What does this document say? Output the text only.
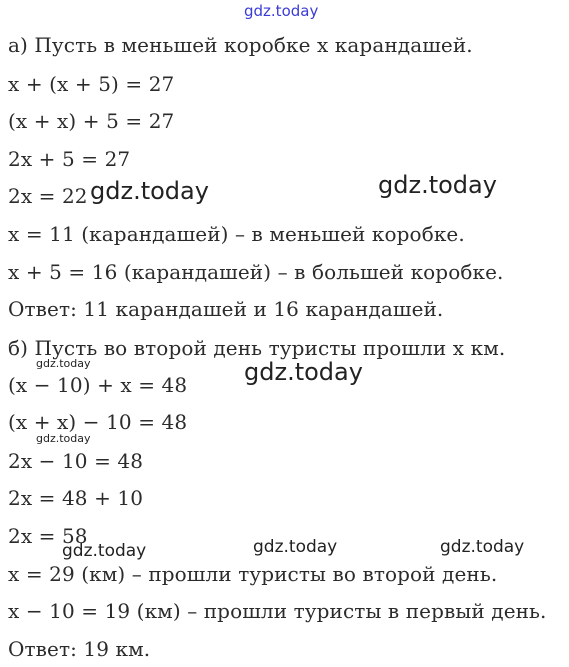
gdz.today
а) Пусть в меньшей коробке x карандашей.
x + (x + 5) = 27
(x + x) + 5 = 27
2x + 5 = 27
2x = 22
x = 11 (карандашей) – в меньшей коробке.
x + 5 = 16 (карандашей) – в большей коробке.
Ответ: 11 карандашей и 16 карандашей.
б) Пусть во второй день туристы прошли x км.
(x − 10) + x = 48
(x + x) − 10 = 48
2x − 10 = 48
2x = 48 + 10
2x = 58
x = 29 (км) – прошли туристы во второй день.
x − 10 = 19 (км) – прошли туристы в первый день.
Ответ: 19 км.
gdz.today	gdz.today
gdz.today	gdz.today
gdz.today
gdz.today	gdz.today	gdz.today
